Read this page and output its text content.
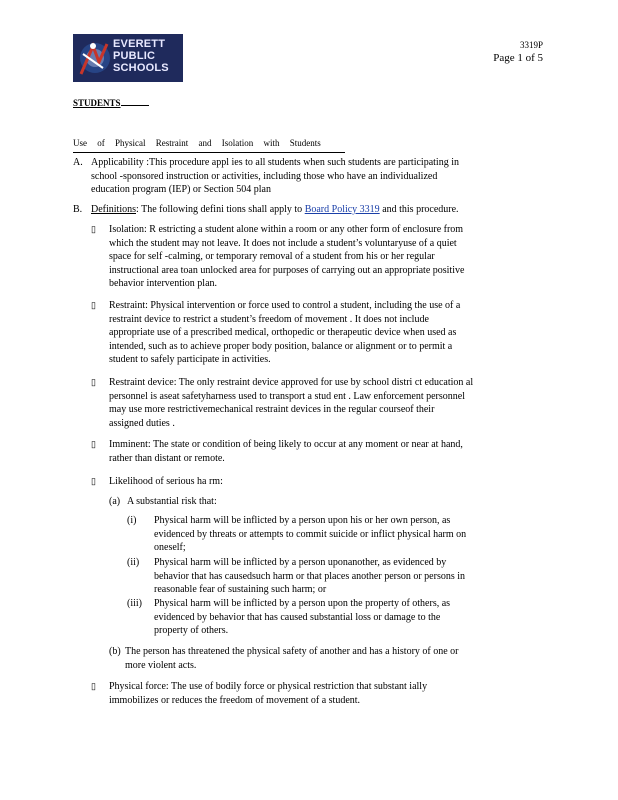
EVERETT
PUBLIC
SCHOOLS
3319P
Page 1 of 5
STUDENTS
Use of Physical Restraint and Isolation with Students
A. Applicability :This procedure appl ies to all students when such students are participating in
school -sponsored instruction or activities, including those who have an individualized
education program (IEP) or Section 504 plan
B. Definitions: The following defini tions shall apply to Board Policy 3319 and this procedure.
▯ Isolation: R estricting a student alone within a room or any other form of enclosure from
which the student may not leave. It does not include a student’s voluntaryuse of a quiet
space for self -calming, or temporary removal of a student from his or her regular
instructional area toan unlocked area for purposes of carrying out an appropriate positive
behavior intervention plan.
▯ Restraint: Physical intervention or force used to control a student, including the use of a
restraint device to restrict a student’s freedom of movement . It does not include
appropriate use of a prescribed medical, orthopedic or therapeutic device when used as
intended, such as to achieve proper body position, balance or alignment or to permit a
student to safely participate in activities.
▯ Restraint device: The only restraint device approved for use by school distri ct education al
personnel is aseat safetyharness used to transport a stud ent . Law enforcement personnel
may use more restrictivemechanical restraint devices in the regular courseof their
assigned duties .
▯ Imminent: The state or condition of being likely to occur at any moment or near at hand,
rather than distant or remote.
▯ Likelihood of serious ha rm:
(a) A substantial risk that:
(i) Physical harm will be inflicted by a person upon his or her own person, as
evidenced by threats or attempts to commit suicide or inflict physical harm on
oneself;
(ii) Physical harm will be inflicted by a person uponanother, as evidenced by
behavior that has causedsuch harm or that places another person or persons in
reasonable fear of sustaining such harm; or
(iii) Physical harm will be inflicted by a person upon the property of others, as
evidenced by behavior that has caused substantial loss or damage to the
property of others.
(b) The person has threatened the physical safety of another and has a history of one or
more violent acts.
▯ Physical force: The use of bodily force or physical restriction that substant ially
immobilizes or reduces the freedom of movement of a student.
